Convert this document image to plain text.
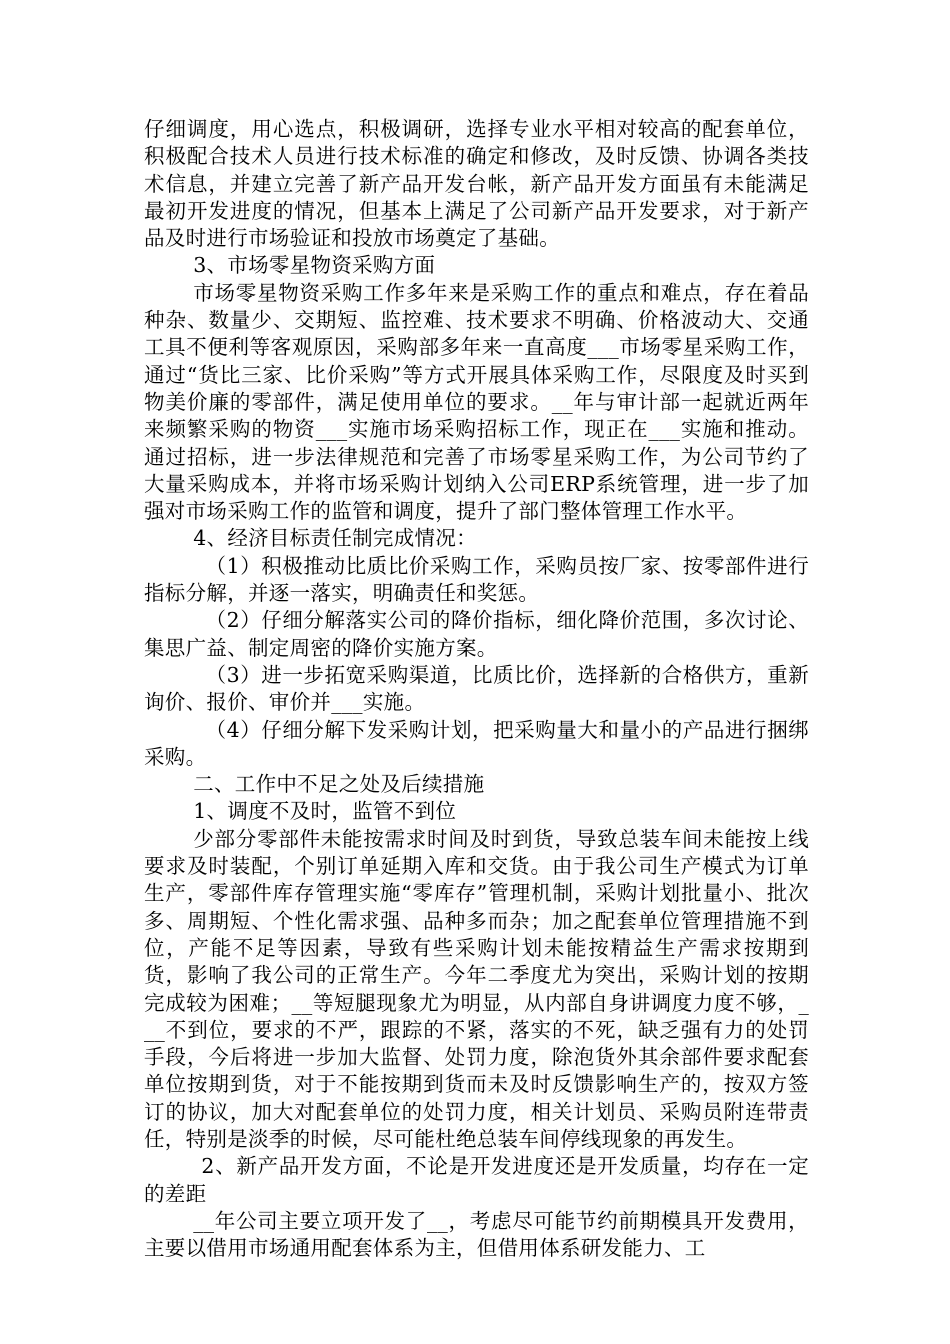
仔细调度，用心选点，积极调研，选择专业水平相对较高的配套单位，积极配合技术人员进行技术标准的确定和修改，及时反馈、协调各类技术信息，并建立完善了新产品开发台帐，新产品开发方面虽有未能满足最初开发进度的情况，但基本上满足了公司新产品开发要求，对于新产品及时进行市场验证和投放市场奠定了基础。

3、市场零星物资采购方面

市场零星物资采购工作多年来是采购工作的重点和难点，存在着品种杂、数量少、交期短、监控难、技术要求不明确、价格波动大、交通工具不便利等客观原因，采购部多年来一直高度___市场零星采购工作，通过“货比三家、比价采购”等方式开展具体采购工作，尽限度及时买到物美价廉的零部件，满足使用单位的要求。__年与审计部一起就近两年来频繁采购的物资___实施市场采购招标工作，现正在___实施和推动。通过招标，进一步法律规范和完善了市场零星采购工作，为公司节约了大量采购成本，并将市场采购计划纳入公司ERP系统管理，进一步了加强对市场采购工作的监管和调度，提升了部门整体管理工作水平。

4、经济目标责任制完成情况：

（1）积极推动比质比价采购工作，采购员按厂家、按零部件进行指标分解，并逐一落实，明确责任和奖惩。

（2）仔细分解落实公司的降价指标，细化降价范围，多次讨论、集思广益、制定周密的降价实施方案。

（3）进一步拓宽采购渠道，比质比价，选择新的合格供方，重新询价、报价、审价并___实施。

（4）仔细分解下发采购计划，把采购量大和量小的产品进行捆绑采购。

二、工作中不足之处及后续措施

1、调度不及时，监管不到位

少部分零部件未能按需求时间及时到货，导致总装车间未能按上线要求及时装配，个别订单延期入库和交货。由于我公司生产模式为订单生产，零部件库存管理实施“零库存”管理机制，采购计划批量小、批次多、周期短、个性化需求强、品种多而杂；加之配套单位管理措施不到位，产能不足等因素，导致有些采购计划未能按精益生产需求按期到货，影响了我公司的正常生产。今年二季度尤为突出，采购计划的按期完成较为困难；__等短腿现象尤为明显，从内部自身讲调度力度不够，___不到位，要求的不严，跟踪的不紧，落实的不死，缺乏强有力的处罚手段，今后将进一步加大监督、处罚力度，除泡货外其余部件要求配套单位按期到货，对于不能按期到货而未及时反馈影响生产的，按双方签订的协议，加大对配套单位的处罚力度，相关计划员、采购员附连带责任，特别是淡季的时候，尽可能杜绝总装车间停线现象的再发生。

2、新产品开发方面，不论是开发进度还是开发质量，均存在一定的差距

__年公司主要立项开发了__，考虑尽可能节约前期模具开发费用，主要以借用市场通用配套体系为主，但借用体系研发能力、工
